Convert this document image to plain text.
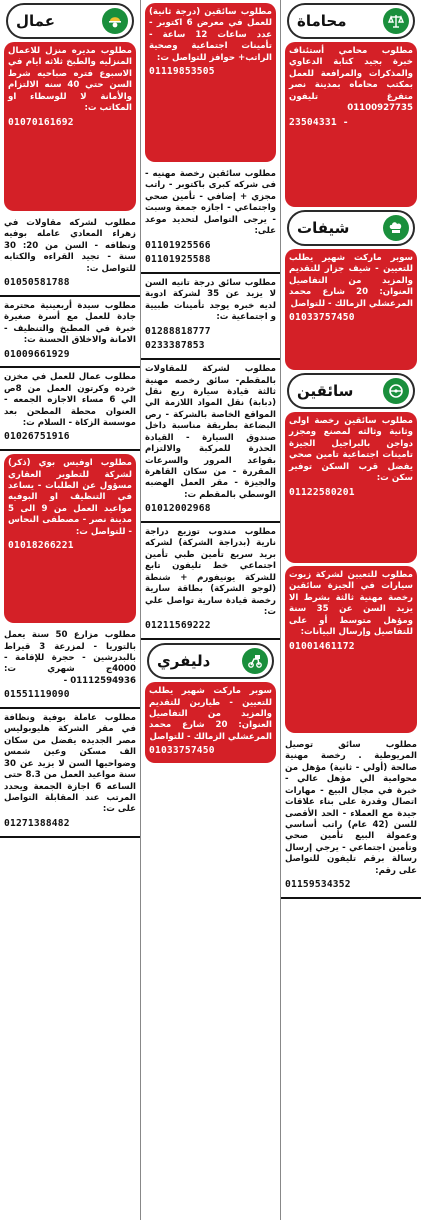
محاماة

مطلوب محامي أستئناف خبرة بجيد كتابة الدعاوي والمذكرات والمرافعة للعمل بمكتب محاماه بمدينة نصر متفرغ تليفون 01100927735

23504331 -
شيفات

سوبر ماركت شهير يطلب للتعيين - شيف جزار للتقديم والمزيد من التفاصيل العنوان: 20 شارع محمد المرعشلي الزمالك - للتواصل

01033757450
سائقين

مطلوب سائقين رخصة اولى وثانية وثالثه لمصنع ومجزر دواجن بالبراجيل الجيزة تامينات اجتماعية تامين صحي يفضل قرب السكن توفير سكن ت:

01122580201

مطلوب للتعيين لشركة زيوت سيارات في الجيزة سائقين رخصة مهنية ثالثة بشرط الا يزيد السن عن 35 سنة ومؤهل متوسط أو على للتفاصيل وإرسال البيانات:

01001461172

مطلوب سائق توصيل المريوطية . رخصة مهنية صالحة (أولي - ثانية) مؤهل من محوامية الي مؤهل عالي - خبرة في مجال البيع - مهارات اتصال وقدرة على بناء علاقات جيدة مع العملاء - الحد الأقصى للسن (42 عام) راتب أساسي وعمولة البيع تأمين صحي وتأمين اجتماعي - يرجي إرسال رسالة برقم تليفون للتواصل على رقم:

01159534352

مطلوب سائقين (درجة ثانية) للعمل في معرض 6 اكتوبر - عدد ساعات 12 ساعة - تأمينات اجتماعية وصحية الراتب+ حوافز للتواصل ت:

01119853505

مطلوب سائقين رخصة مهنيه - فى شركه كبرى باكتوبر - راتب مجزي + إضافي - تأمين صحي واجتماعي - اجازه جمعة وسبت - يرجى التواصل لتحديد موعد على:

01101925566
01101925588

مطلوب سائق درجة تانيه السن لا يزيد عن 35 لشركة ادوية لديه خبره يوجد تأمينات طبيية و اجتماعية ت:

01288818777
0233387853

مطلوب لشركة للمقاولات بالمقطم- سائق رخصه مهنية ثالثة قيادة سيارة ربع نقل (دبابة) نقل المواد اللازمة الي المواقع الخاصة بالشركة - رص البضاعة بطريقة مناسبة داخل صندوق السيارة - القيادة الحذرة للمركبة والالتزام بقواعد المرور والسرعات المقررة - من سكان القاهرة والجيزة - مقر العمل الهضبه الوسطي بالمقطم ت:

01012002968

مطلوب مندوب توزيع دراجة نارية (بدراجة الشركة) لشركه بريد سريع تأمين طبي تأمين اجتماعي خط تليفون تابع للشركة يونيفورم + شنطة (لوجو الشركة) بطاقة سارية رخصة قيادة سارية تواصل علي ت:

01211569222
دليفري

سوبر ماركت شهير يطلب للتعيين - طيارين للتقديم والمزيد من التفاصيل العنوان: 20 شارع محمد المرعشلي الزمالك - للتواصل

01033757450
عمال

مطلوب مديره منزل للاعمال المنزليه والطبخ ثلاثه ايام في الاسبوع فتره صباحيه شرط السن حتي 40 سنه الالتزام والأمانة لا للوسطاء او المكاتب ت:

01070161692

مطلوب لشركه مقاولات في زهراء المعادي عامله بوفيه ونظافه - السن من 20: 30 سنة - تجيد القراءه والكتابه للتواصل ت:

01050581788

مطلوب سيدة أربعينية محترمة جادة للعمل مع أسرة صغيرة خبرة في المطبخ والتنظيف - الامانة والاخلاق الحسنة ت:

01009661929

مطلوب عمال للعمل في مخزن خرده وكرتون العمل من 8ص الي 6 مساء الاجازه الجمعه - العنوان محطة المطحن بعد موسسة الزكاة - السلام ت:

01026751916

مطلوب اوفيس بوي (ذكر) لشركة للتطوير العقاري مسؤول عن الطلبات - يساعد في التنظيف او البوفيه مواعيد العمل من 9 الى 5 مدينة نصر - مصطفى النحاس - للتواصل ت:

01018266221

مطلوب مزارع 50 سنة يعمل بالتوريا - لمزرعة 3 قيراط بالبدرشين - حجرة للإقامة - 4000ج شهري ت: 01112594936 -

01551119090

مطلوب عاملة بوفية ونظافة في مقر الشركة هليوبوليس مصر الجديده يفضل من سكان الف مسكن وعين شمس وضواحيها السن لا يزيد عن 30 سنة مواعيد العمل من 8.3 حتى الساعه 6 اجازة الجمعة ويحدد المرتب عند المقابلة التواصل على ت:

01271388482
